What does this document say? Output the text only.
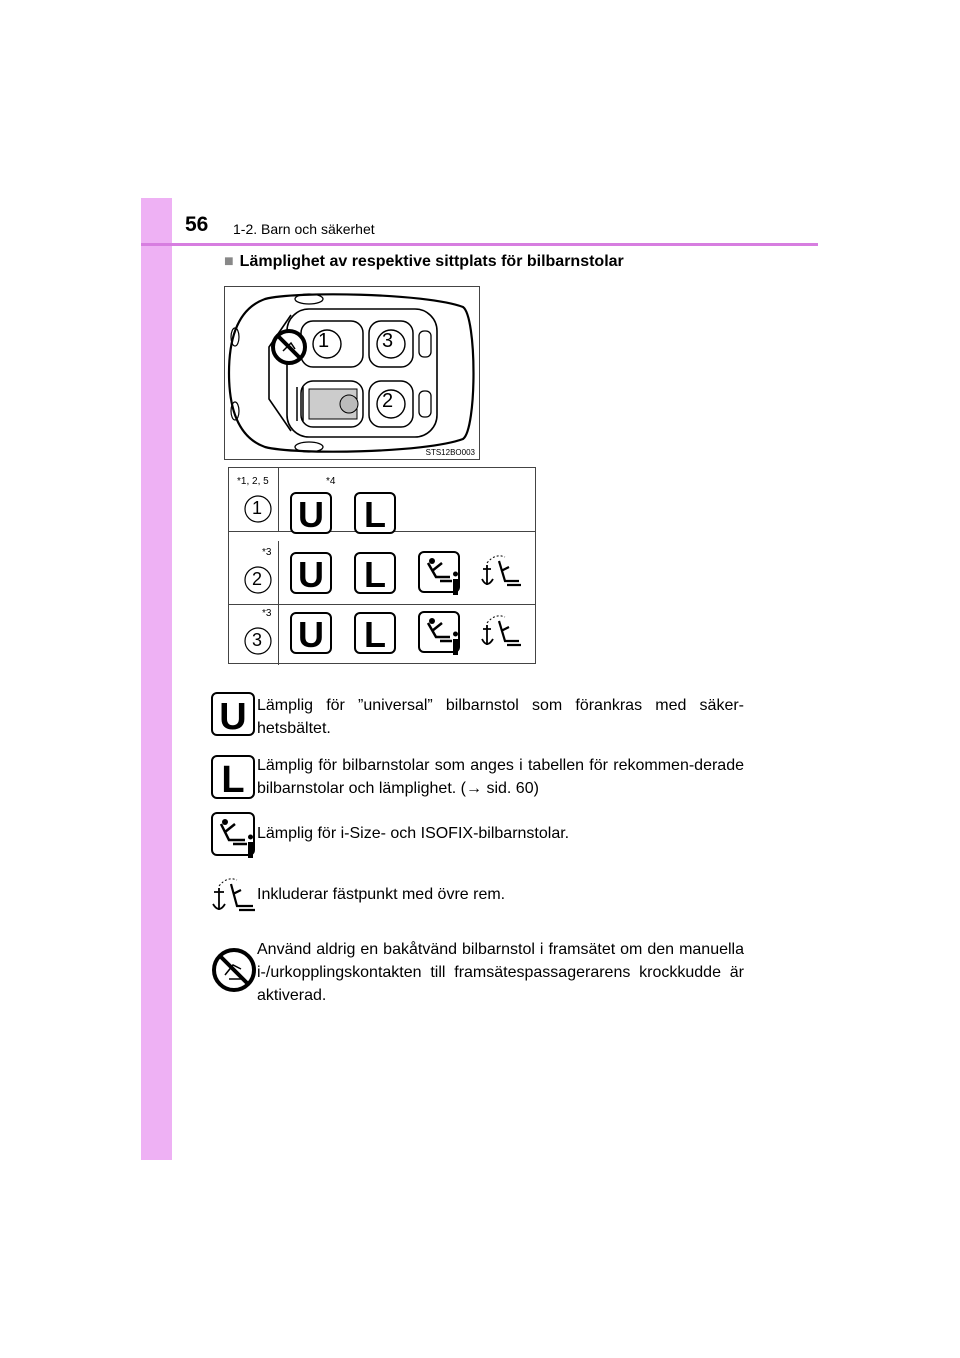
56 1-2. Barn och säkerhet
■ Lämplighet av respektive sittplats för bilbarnstolar
1	3
2
STS12BO003
*1, 2, 5
1
*4
U L
*3
2 U L
*3
3 U L
U Lämplig för ”universal” bilbarnstol som förankras med säker-hetsbältet.
L Lämplig för bilbarnstolar som anges i tabellen för rekommen-derade bilbarnstolar och lämplighet. (→ sid. 60)
Lämplig för i-Size- och ISOFIX-bilbarnstolar.
Inkluderar fästpunkt med övre rem.
Använd aldrig en bakåtvänd bilbarnstol i framsätet om den manuella i-/urkopplingskontakten till framsätespassagerarens krockkudde är aktiverad.
